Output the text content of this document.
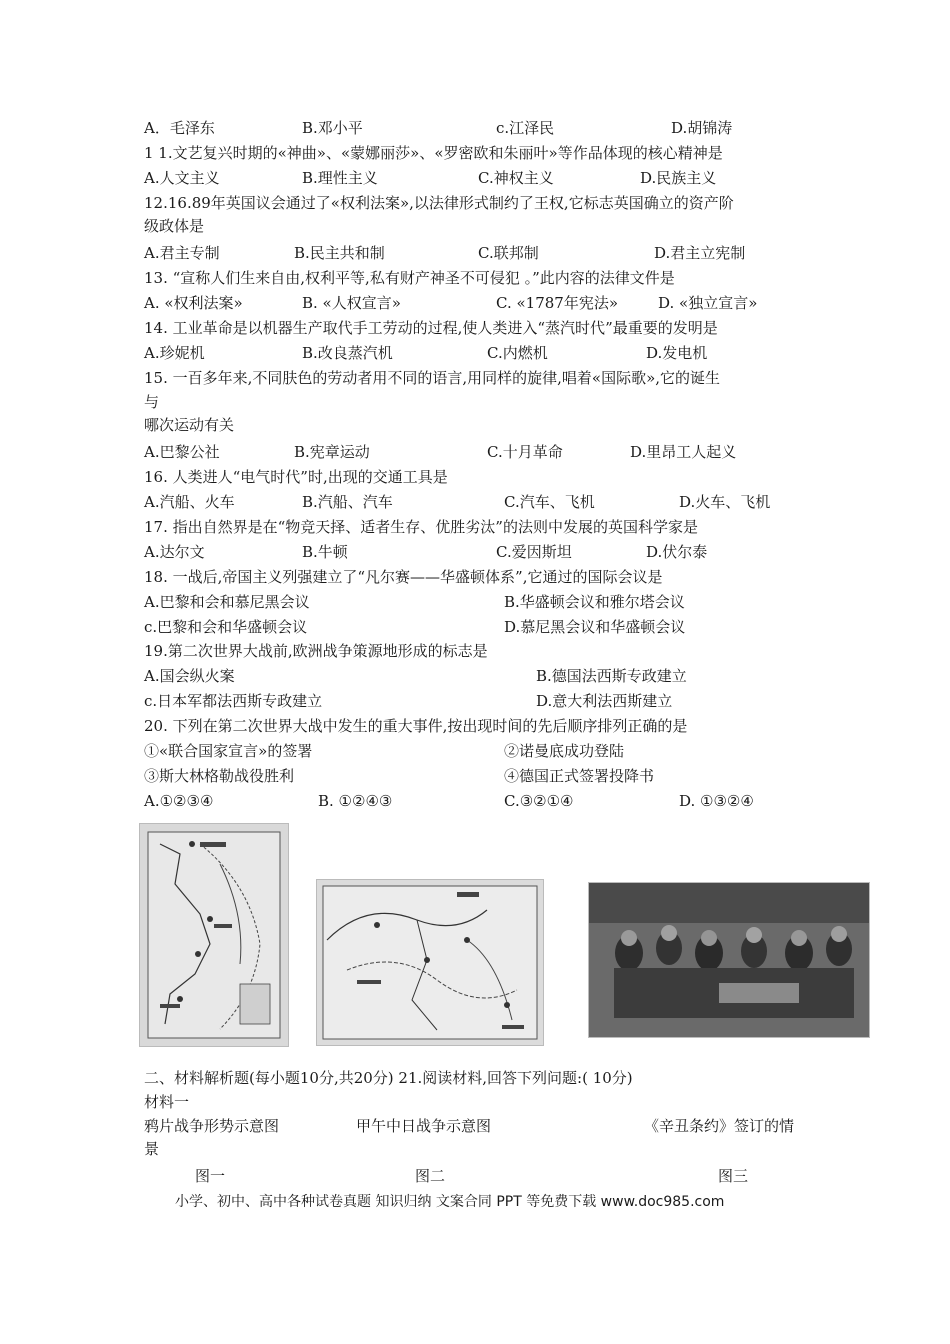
A．毛泽东	B.邓小平	c.江泽民	D.胡锦涛
1 1.文艺复兴时期的«神曲»、«蒙娜丽莎»、«罗密欧和朱丽叶»等作品体现的核心精神是
A.人文主义	B.理性主义	C.神权主义	D.民族主义
12.16.89年英国议会通过了«权利法案»,以法律形式制约了王权,它标志英国确立的资产阶
级政体是
A.君主专制	B.民主共和制	C.联邦制	D.君主立宪制
13. “宣称人们生来自由,权利平等,私有财产神圣不可侵犯 。”此内容的法律文件是
A. «权利法案»	B. «人权宣言»	C. «1787年宪法»	D. «独立宣言»
14. 工业革命是以机器生产取代手工劳动的过程,使人类进入“蒸汽时代”最重要的发明是
A.珍妮机	B.改良蒸汽机	C.内燃机	D.发电机
15. 一百多年来,不同肤色的劳动者用不同的语言,用同样的旋律,唱着«国际歌»,它的诞生
与
哪次运动有关
A.巴黎公社	B.宪章运动	C.十月革命	D.里昂工人起义
16. 人类进人“电气时代”时,出现的交通工具是
A.汽船、火车	B.汽船、汽车	C.汽车、飞机	D.火车、飞机
17. 指出自然界是在“物竞天择、适者生存、优胜劣汰”的法则中发展的英国科学家是
A.达尔文	B.牛顿	C.爱因斯坦	D.伏尔泰
18. 一战后,帝国主义列强建立了“凡尔赛——华盛顿体系”,它通过的国际会议是
A.巴黎和会和慕尼黑会议	B.华盛顿会议和雅尔塔会议
c.巴黎和会和华盛顿会议	D.慕尼黑会议和华盛顿会议
19.第二次世界大战前,欧洲战争策源地形成的标志是
A.国会纵火案	B.德国法西斯专政建立
c.日本军都法西斯专政建立	D.意大利法西斯建立
20. 下列在第二次世界大战中发生的重大事件,按出现时间的先后顺序排列正确的是
①«联合国家宣言»的签署	②诺曼底成功登陆
③斯大林格勒战役胜利	④德国正式签署投降书
A.①②③④	B. ①②④③	C.③②①④	D. ①③②④
二、材料解析题(每小题10分,共20分) 21.阅读材料,回答下列问题:( 10分)
材料一
鸦片战争形势示意图	甲午中日战争示意图	《辛丑条约》签订的情
景
图一	图二	图三
小学、初中、高中各种试卷真题 知识归纳 文案合同 PPT 等免费下载 www.doc985.com
